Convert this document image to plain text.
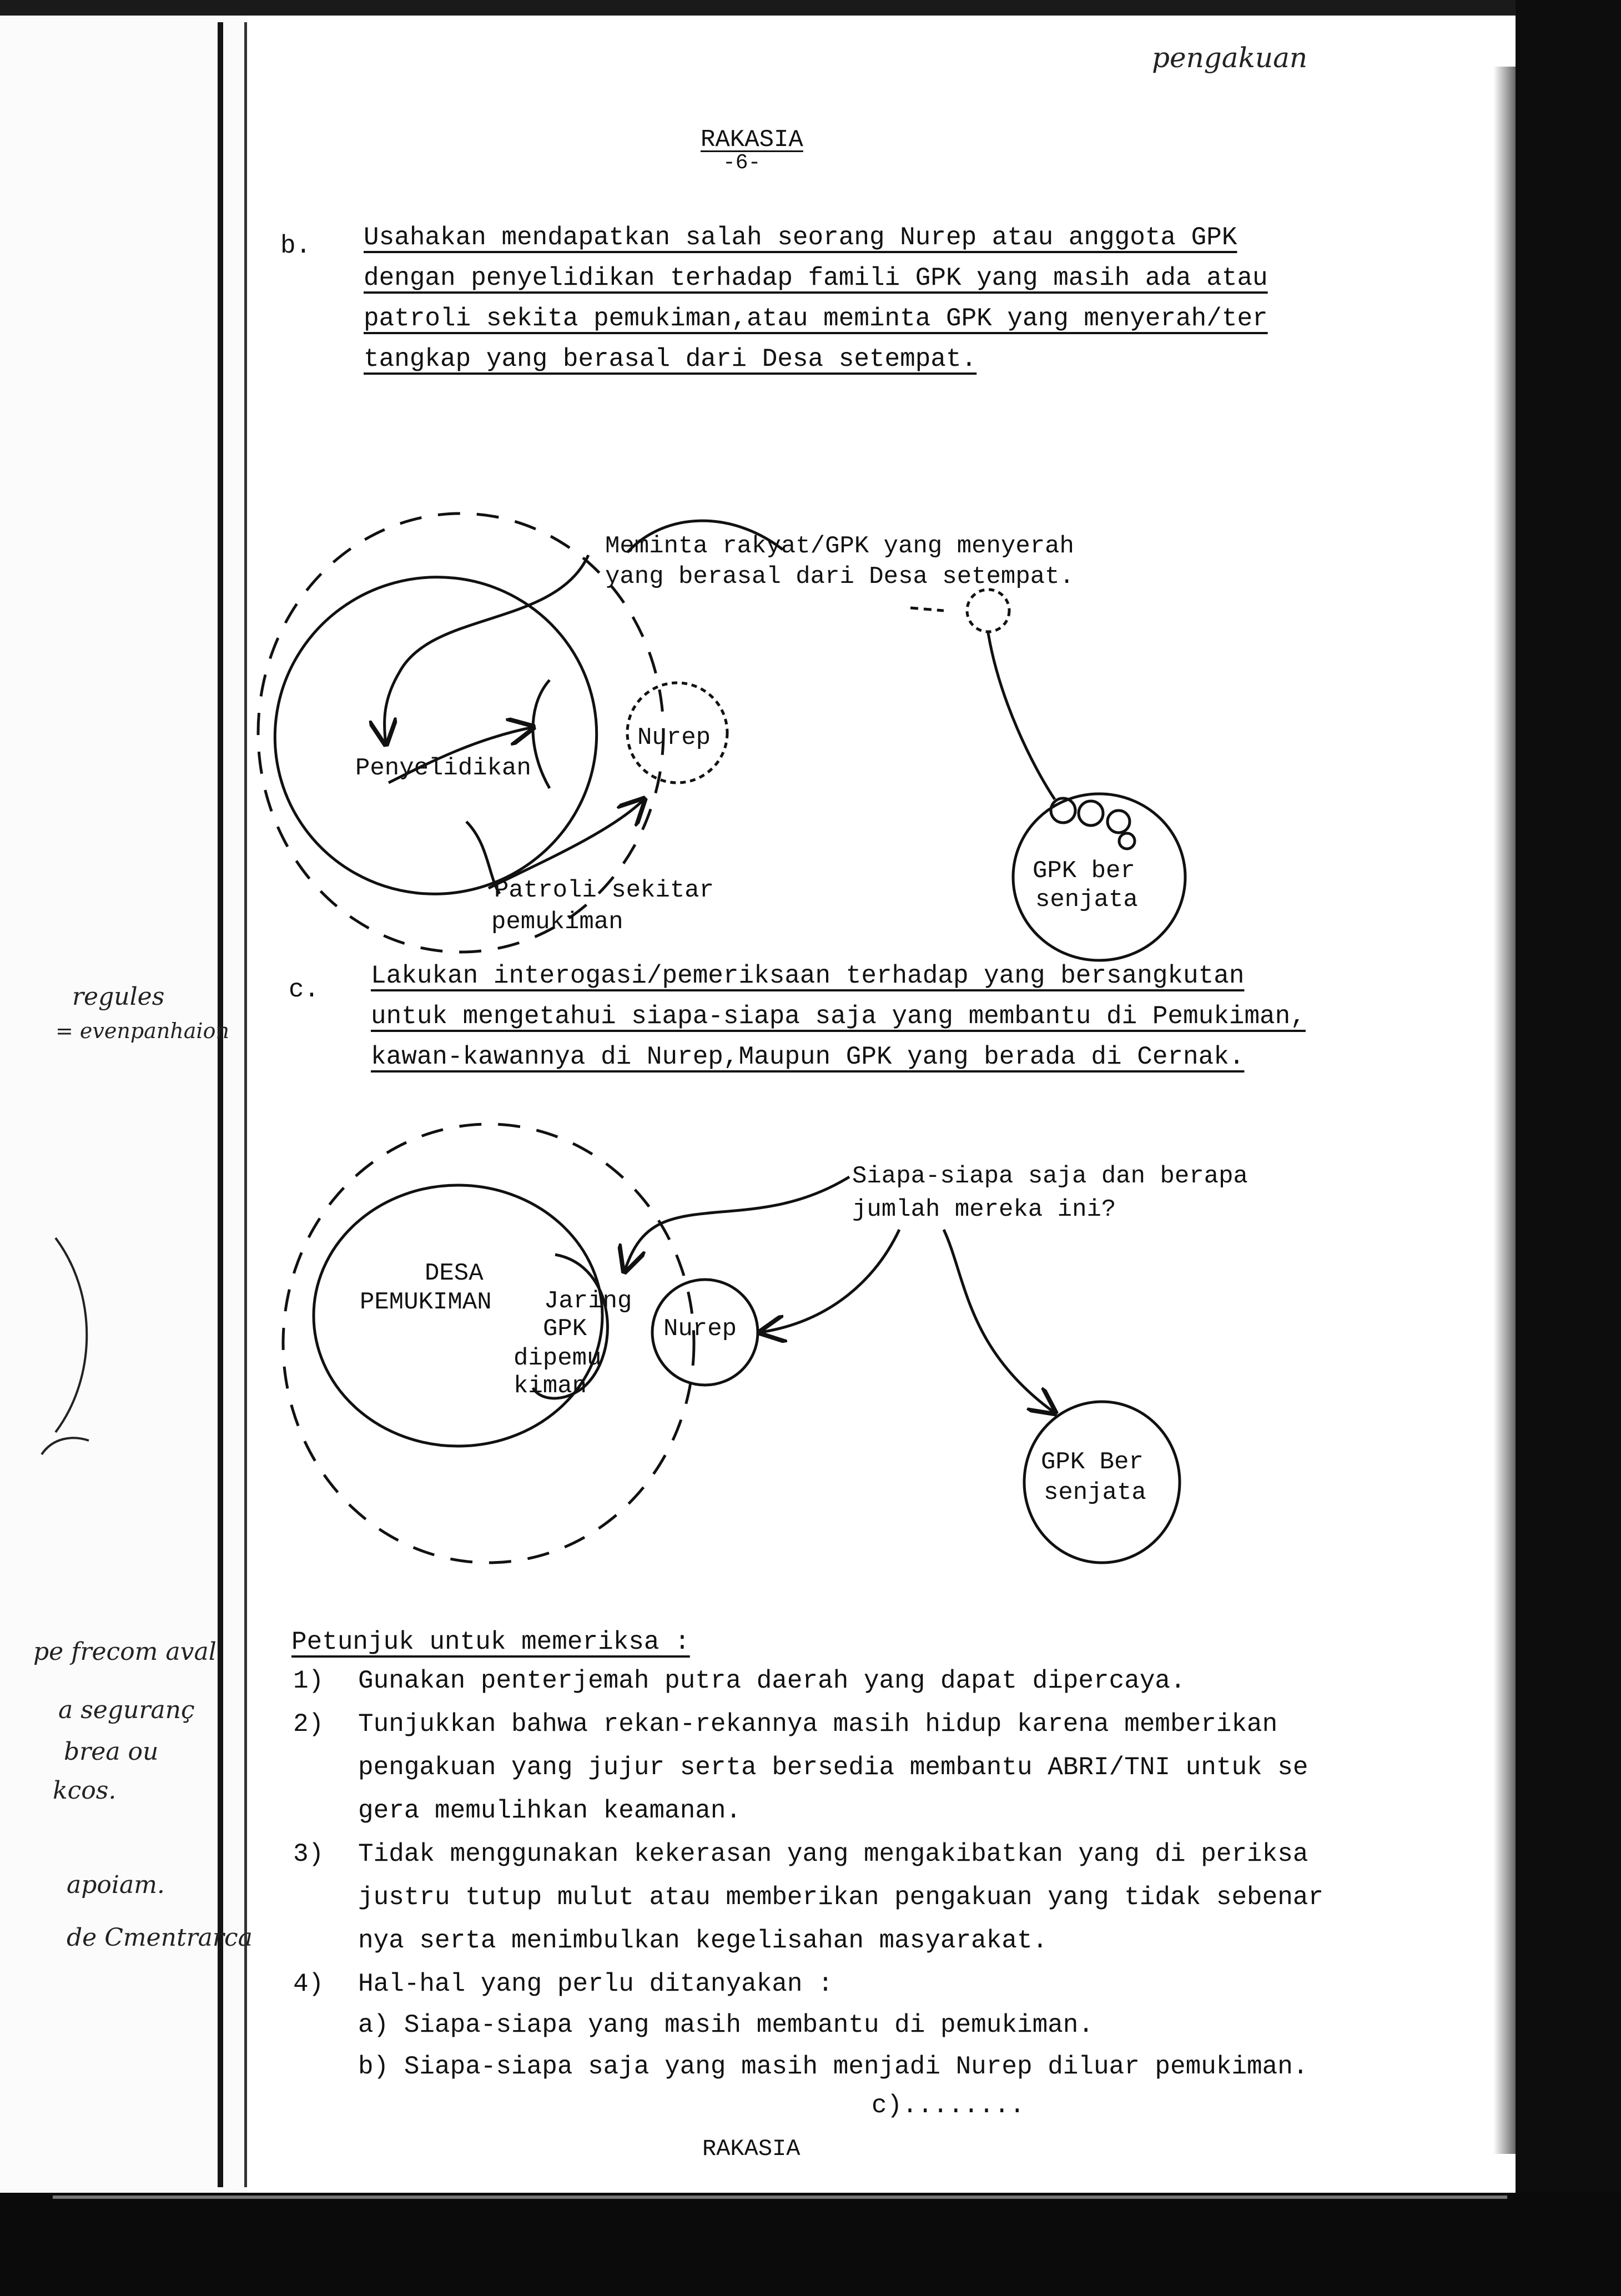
pengakuan
RAKASIA
-6-
b. Usahakan mendapatkan salah seorang Nurep atau anggota GPK
dengan penyelidikan terhadap famili GPK yang masih ada atau
patroli sekita pemukiman,atau meminta GPK yang menyerah/ter
tangkap yang berasal dari Desa setempat.
Meminta rakyat/GPK yang menyerah
yang berasal dari Desa setempat.
Penyelidikan
Nurep
Patroli sekitar
pemukiman
GPK ber
senjata
Siapa-siapa saja dan berapa
jumlah mereka ini?
DESA
PEMUKIMAN Jaring
GPK
dipemu
kiman
Nurep
GPK Ber
senjata
c. Lakukan interogasi/pemeriksaan terhadap yang bersangkutan
untuk mengetahui siapa-siapa saja yang membantu di Pemukiman,
kawan-kawannya di Nurep,Maupun GPK yang berada di Cernak.
Petunjuk untuk memeriksa :
1) Gunakan penterjemah putra daerah yang dapat dipercaya.
2) Tunjukkan bahwa rekan-rekannya masih hidup karena memberikan
pengakuan yang jujur serta bersedia membantu ABRI/TNI untuk se
gera memulihkan keamanan.
3) Tidak menggunakan kekerasan yang mengakibatkan yang di periksa
justru tutup mulut atau memberikan pengakuan yang tidak sebenar
nya serta menimbulkan kegelisahan masyarakat.
4) Hal-hal yang perlu ditanyakan :
a) Siapa-siapa yang masih membantu di pemukiman.
b) Siapa-siapa saja yang masih menjadi Nurep diluar pemukiman.
c)........
RAKASIA
regules
= evenpanhaion
pe frecom aval
a seguranç
brea ou
kcos.
apoiam.
de Cmentrarca
